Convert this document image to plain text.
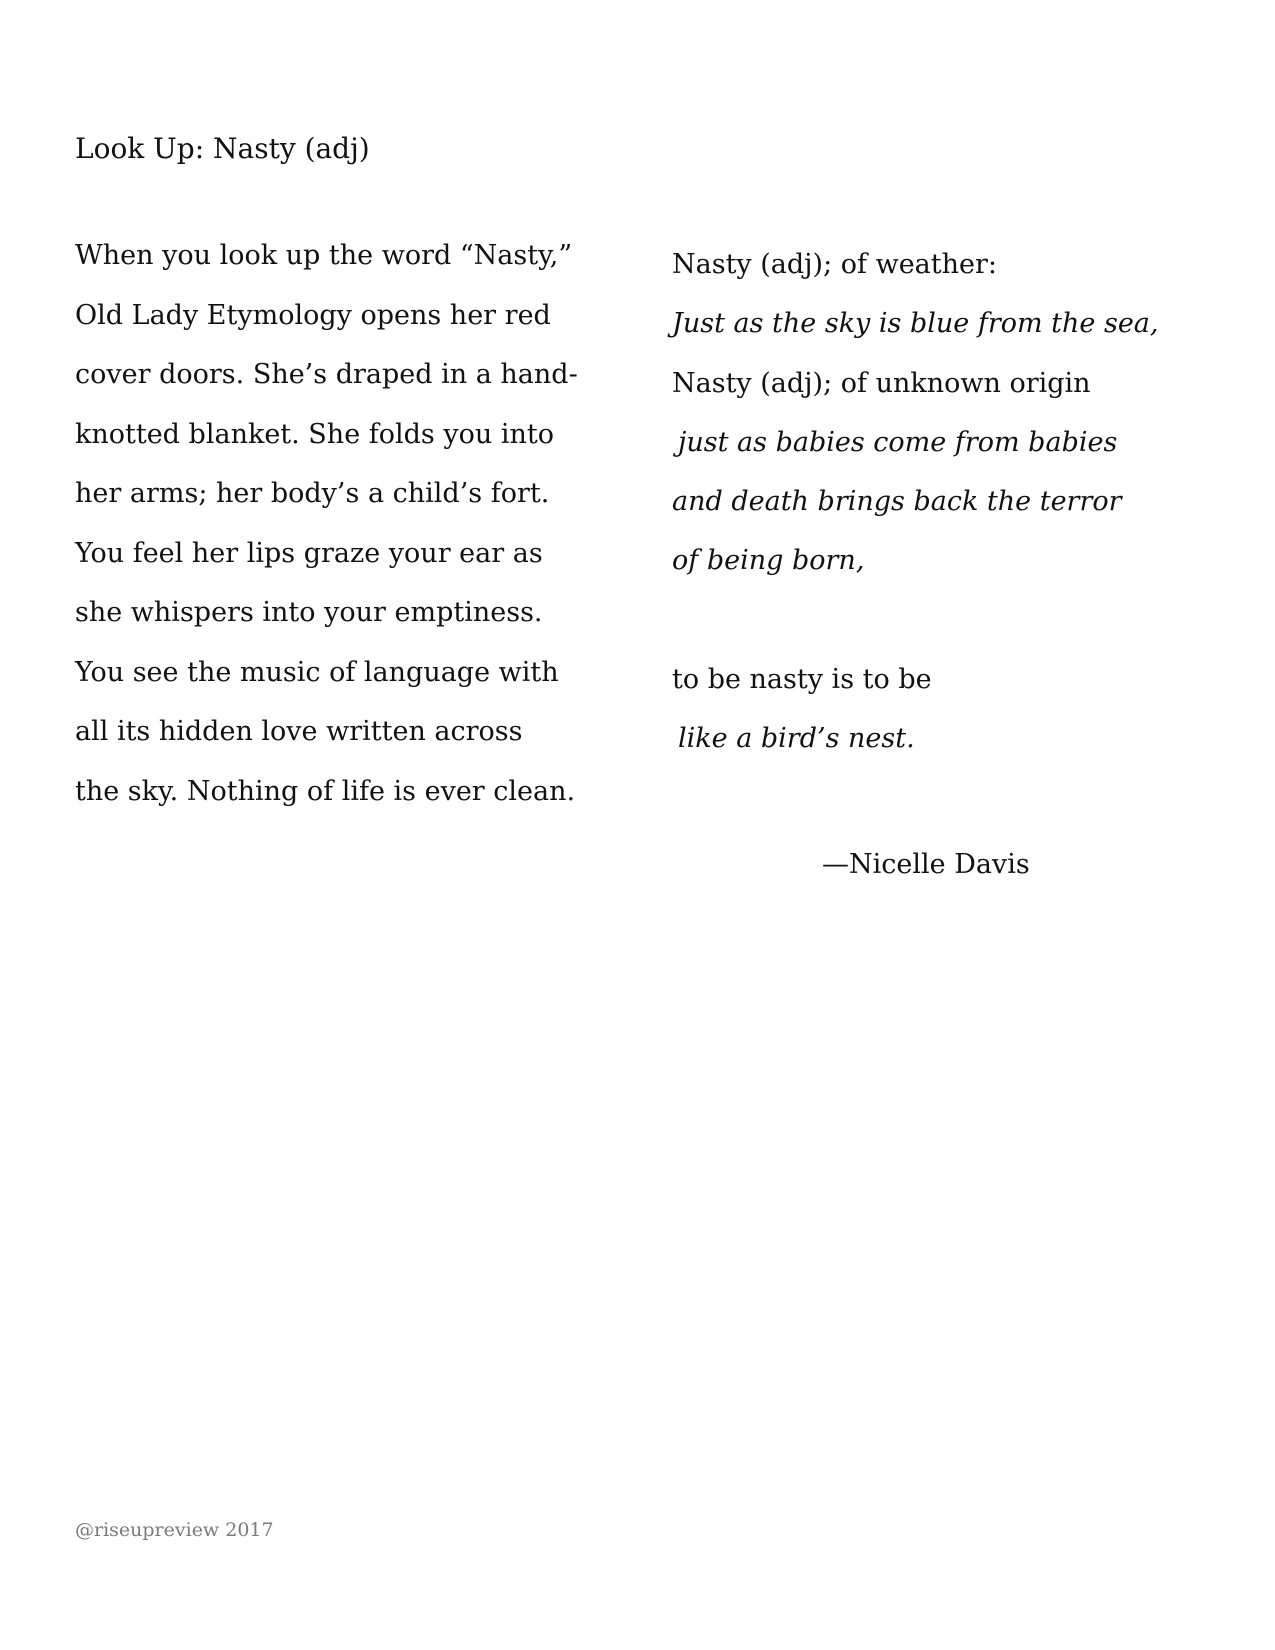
Look Up: Nasty (adj)
When you look up the word “Nasty,”
Old Lady Etymology opens her red
cover doors. She’s draped in a hand-
knotted blanket. She folds you into
her arms; her body’s a child’s fort.
You feel her lips graze your ear as
she whispers into your emptiness.
You see the music of language with
all its hidden love written across
the sky. Nothing of life is ever clean.
Nasty (adj); of weather:
Just as the sky is blue from the sea,
Nasty (adj); of unknown origin
just as babies come from babies
and death brings back the terror
of being born,
to be nasty is to be
like a bird’s nest.
—Nicelle Davis
@riseupreview 2017
